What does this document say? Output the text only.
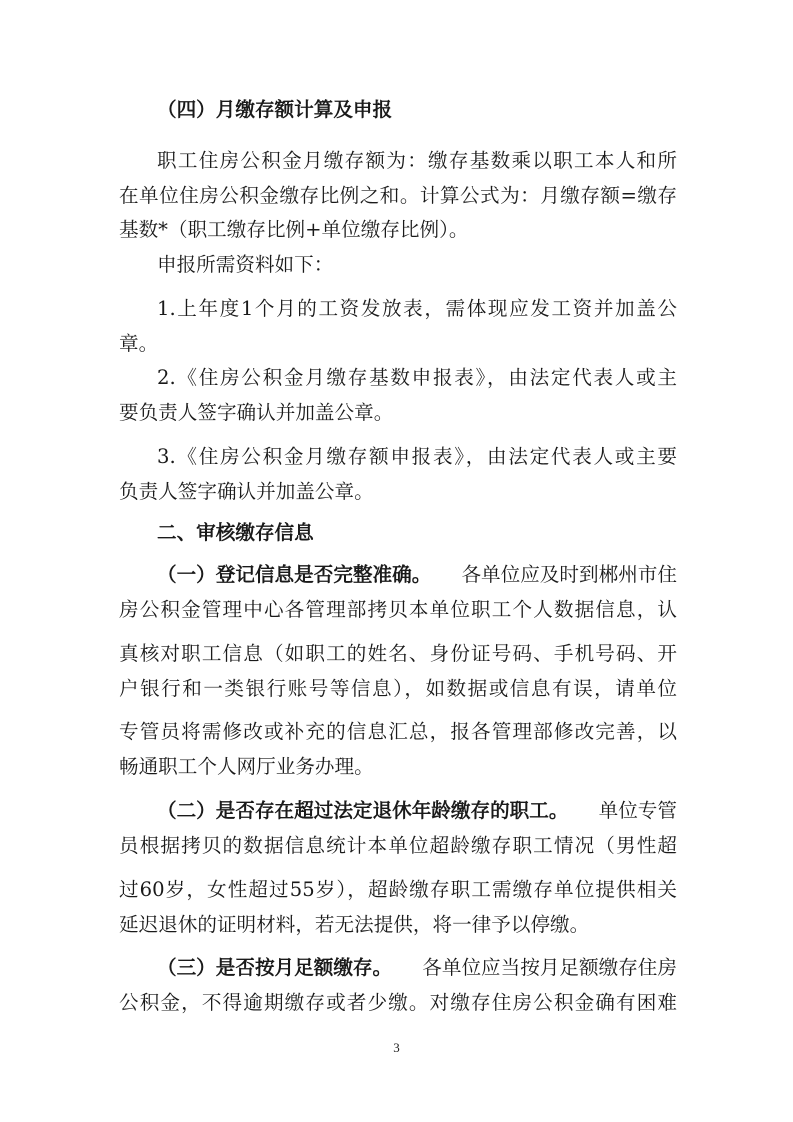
（四）月缴存额计算及申报
职工住房公积金月缴存额为：缴存基数乘以职工本人和所
在单位住房公积金缴存比例之和。计算公式为：月缴存额=缴存
基数*（职工缴存比例+单位缴存比例）。
申报所需资料如下：
1.上年度1个月的工资发放表，需体现应发工资并加盖公
章。
2.《住房公积金月缴存基数申报表》，由法定代表人或主
要负责人签字确认并加盖公章。
3.《住房公积金月缴存额申报表》，由法定代表人或主要
负责人签字确认并加盖公章。
二、审核缴存信息
（一）登记信息是否完整准确。 各单位应及时到郴州市住
房公积金管理中心各管理部拷贝本单位职工个人数据信息，认
真核对职工信息（如职工的姓名、身份证号码、手机号码、开
户银行和一类银行账号等信息），如数据或信息有误，请单位
专管员将需修改或补充的信息汇总，报各管理部修改完善，以
畅通职工个人网厅业务办理。
（二）是否存在超过法定退休年龄缴存的职工。 单位专管
员根据拷贝的数据信息统计本单位超龄缴存职工情况（男性超
过60岁，女性超过55岁），超龄缴存职工需缴存单位提供相关
延迟退休的证明材料，若无法提供，将一律予以停缴。
（三）是否按月足额缴存。 各单位应当按月足额缴存住房
公积金，不得逾期缴存或者少缴。对缴存住房公积金确有困难
3
